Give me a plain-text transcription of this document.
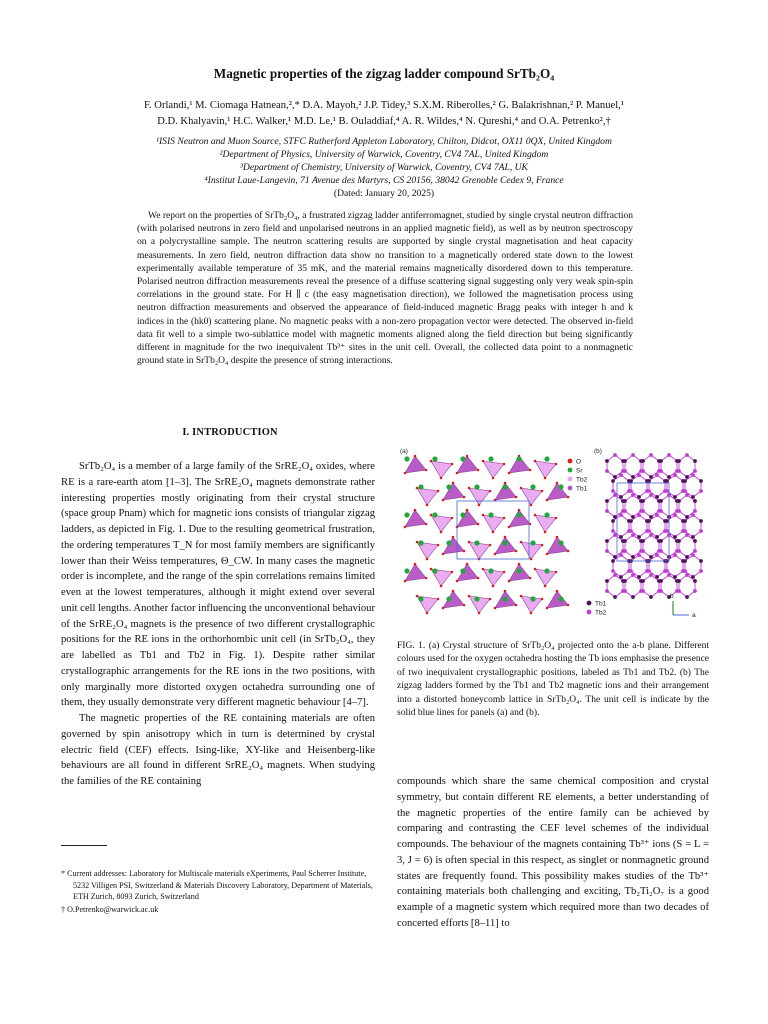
Magnetic properties of the zigzag ladder compound SrTb₂O₄
F. Orlandi,¹ M. Ciomaga Hatnean,²,* D.A. Mayoh,² J.P. Tidey,³ S.X.M. Riberolles,² G. Balakrishnan,² P. Manuel,¹
D.D. Khalyavin,¹ H.C. Walker,¹ M.D. Le,¹ B. Ouladdiaf,⁴ A. R. Wildes,⁴ N. Qureshi,⁴ and O.A. Petrenko²,†
¹ISIS Neutron and Muon Source, STFC Rutherford Appleton Laboratory, Chilton, Didcot, OX11 0QX, United Kingdom
²Department of Physics, University of Warwick, Coventry, CV4 7AL, United Kingdom
³Department of Chemistry, University of Warwick, Coventry, CV4 7AL, UK
⁴Institut Laue-Langevin, 71 Avenue des Martyrs, CS 20156, 38042 Grenoble Cedex 9, France
(Dated: January 20, 2025)

We report on the properties of SrTb₂O₄, a frustrated zigzag ladder antiferromagnet, studied by single crystal neutron diffraction (with polarised neutrons in zero field and unpolarised neutrons in an applied magnetic field), as well as by neutron spectroscopy on a polycrystalline sample. The neutron scattering results are supported by single crystal magnetisation and heat capacity measurements. In zero field, neutron diffraction data show no transition to a magnetically ordered state down to the lowest experimentally available temperature of 35 mK, and the material remains magnetically disordered down to this temperature. Polarised neutron diffraction measurements reveal the presence of a diffuse scattering signal suggesting only very weak spin-spin correlations in the ground state. For H ∥ c (the easy magnetisation direction), we followed the magnetisation process using neutron diffraction measurements and observed the appearance of field-induced magnetic Bragg peaks with integer h and k indices in the (hk0) scattering plane. No magnetic peaks with a non-zero propagation vector were detected. The observed in-field data fit well to a simple two-sublattice model with magnetic moments aligned along the field direction but being significantly different in magnitude for the two inequivalent Tb³⁺ sites in the unit cell. Overall, the collected data point to a nonmagnetic ground state in SrTb₂O₄ despite the presence of strong interactions.

I. INTRODUCTION

SrTb₂O₄ is a member of a large family of the SrRE₂O₄ oxides, where RE is a rare-earth atom [1–3]. The SrRE₂O₄ magnets demonstrate rather interesting properties mostly originating from their crystal structure (space group Pnam) which for magnetic ions consists of triangular zigzag ladders, as depicted in Fig. 1. Due to the resulting geometrical frustration, the ordering temperatures T_N for most family members are significantly lower than their Weiss temperatures, Θ_CW. In many cases the magnetic order is incomplete, and the range of the spin correlations remains limited even at the lowest temperatures, although it might extend over several unit cell lengths. Another factor influencing the unconventional behaviour of the SrRE₂O₄ magnets is the presence of two different crystallographic positions for the RE ions in the orthorhombic unit cell (in SrTb₂O₄, they are labelled as Tb1 and Tb2 in Fig. 1). Despite rather similar crystallographic arrangements for the RE ions in the two positions, with only marginally more distorted oxygen octahedra surrounding one of them, they usually demonstrate very different magnetic behaviour [4–7].

The magnetic properties of the RE containing materials are often governed by spin anisotropy which in turn is determined by crystal electric field (CEF) effects. Ising-like, XY-like and Heisenberg-like behaviours are all found in different SrRE₂O₄ magnets. When studying the families of the RE containing

* Current addresses: Laboratory for Multiscale materials eXperiments, Paul Scherrer Institute, 5232 Villigen PSI, Switzerland & Materials Discovery Laboratory, Department of Materials, ETH Zurich, 8093 Zurich, Switzerland
† O.Petrenko@warwick.ac.uk
(a)	(b)
O
Sr
Tb2
Tb1
Tb1
Tb2
b
a
FIG. 1. (a) Crystal structure of SrTb₂O₄ projected onto the a-b plane. Different colours used for the oxygen octahedra hosting the Tb ions emphasise the presence of two inequivalent crystallographic positions, labeled as Tb1 and Tb2. (b) The zigzag ladders formed by the Tb1 and Tb2 magnetic ions and their arrangement into a distorted honeycomb lattice in SrTb₂O₄. The unit cell is indicate by the solid blue lines for panels (a) and (b).

compounds which share the same chemical composition and crystal symmetry, but contain different RE elements, a better understanding of the magnetic properties of the entire family can be achieved by comparing and contrasting the CEF level schemes of the individual compounds. The behaviour of the magnets containing Tb³⁺ ions (S = L = 3, J = 6) is often special in this respect, as singlet or nonmagnetic ground states are frequently found. This possibility makes studies of the Tb³⁺ containing materials both challenging and exciting, Tb₂Ti₂O₇ is a good example of a magnetic system which required more than two decades of concerted efforts [8–11] to
